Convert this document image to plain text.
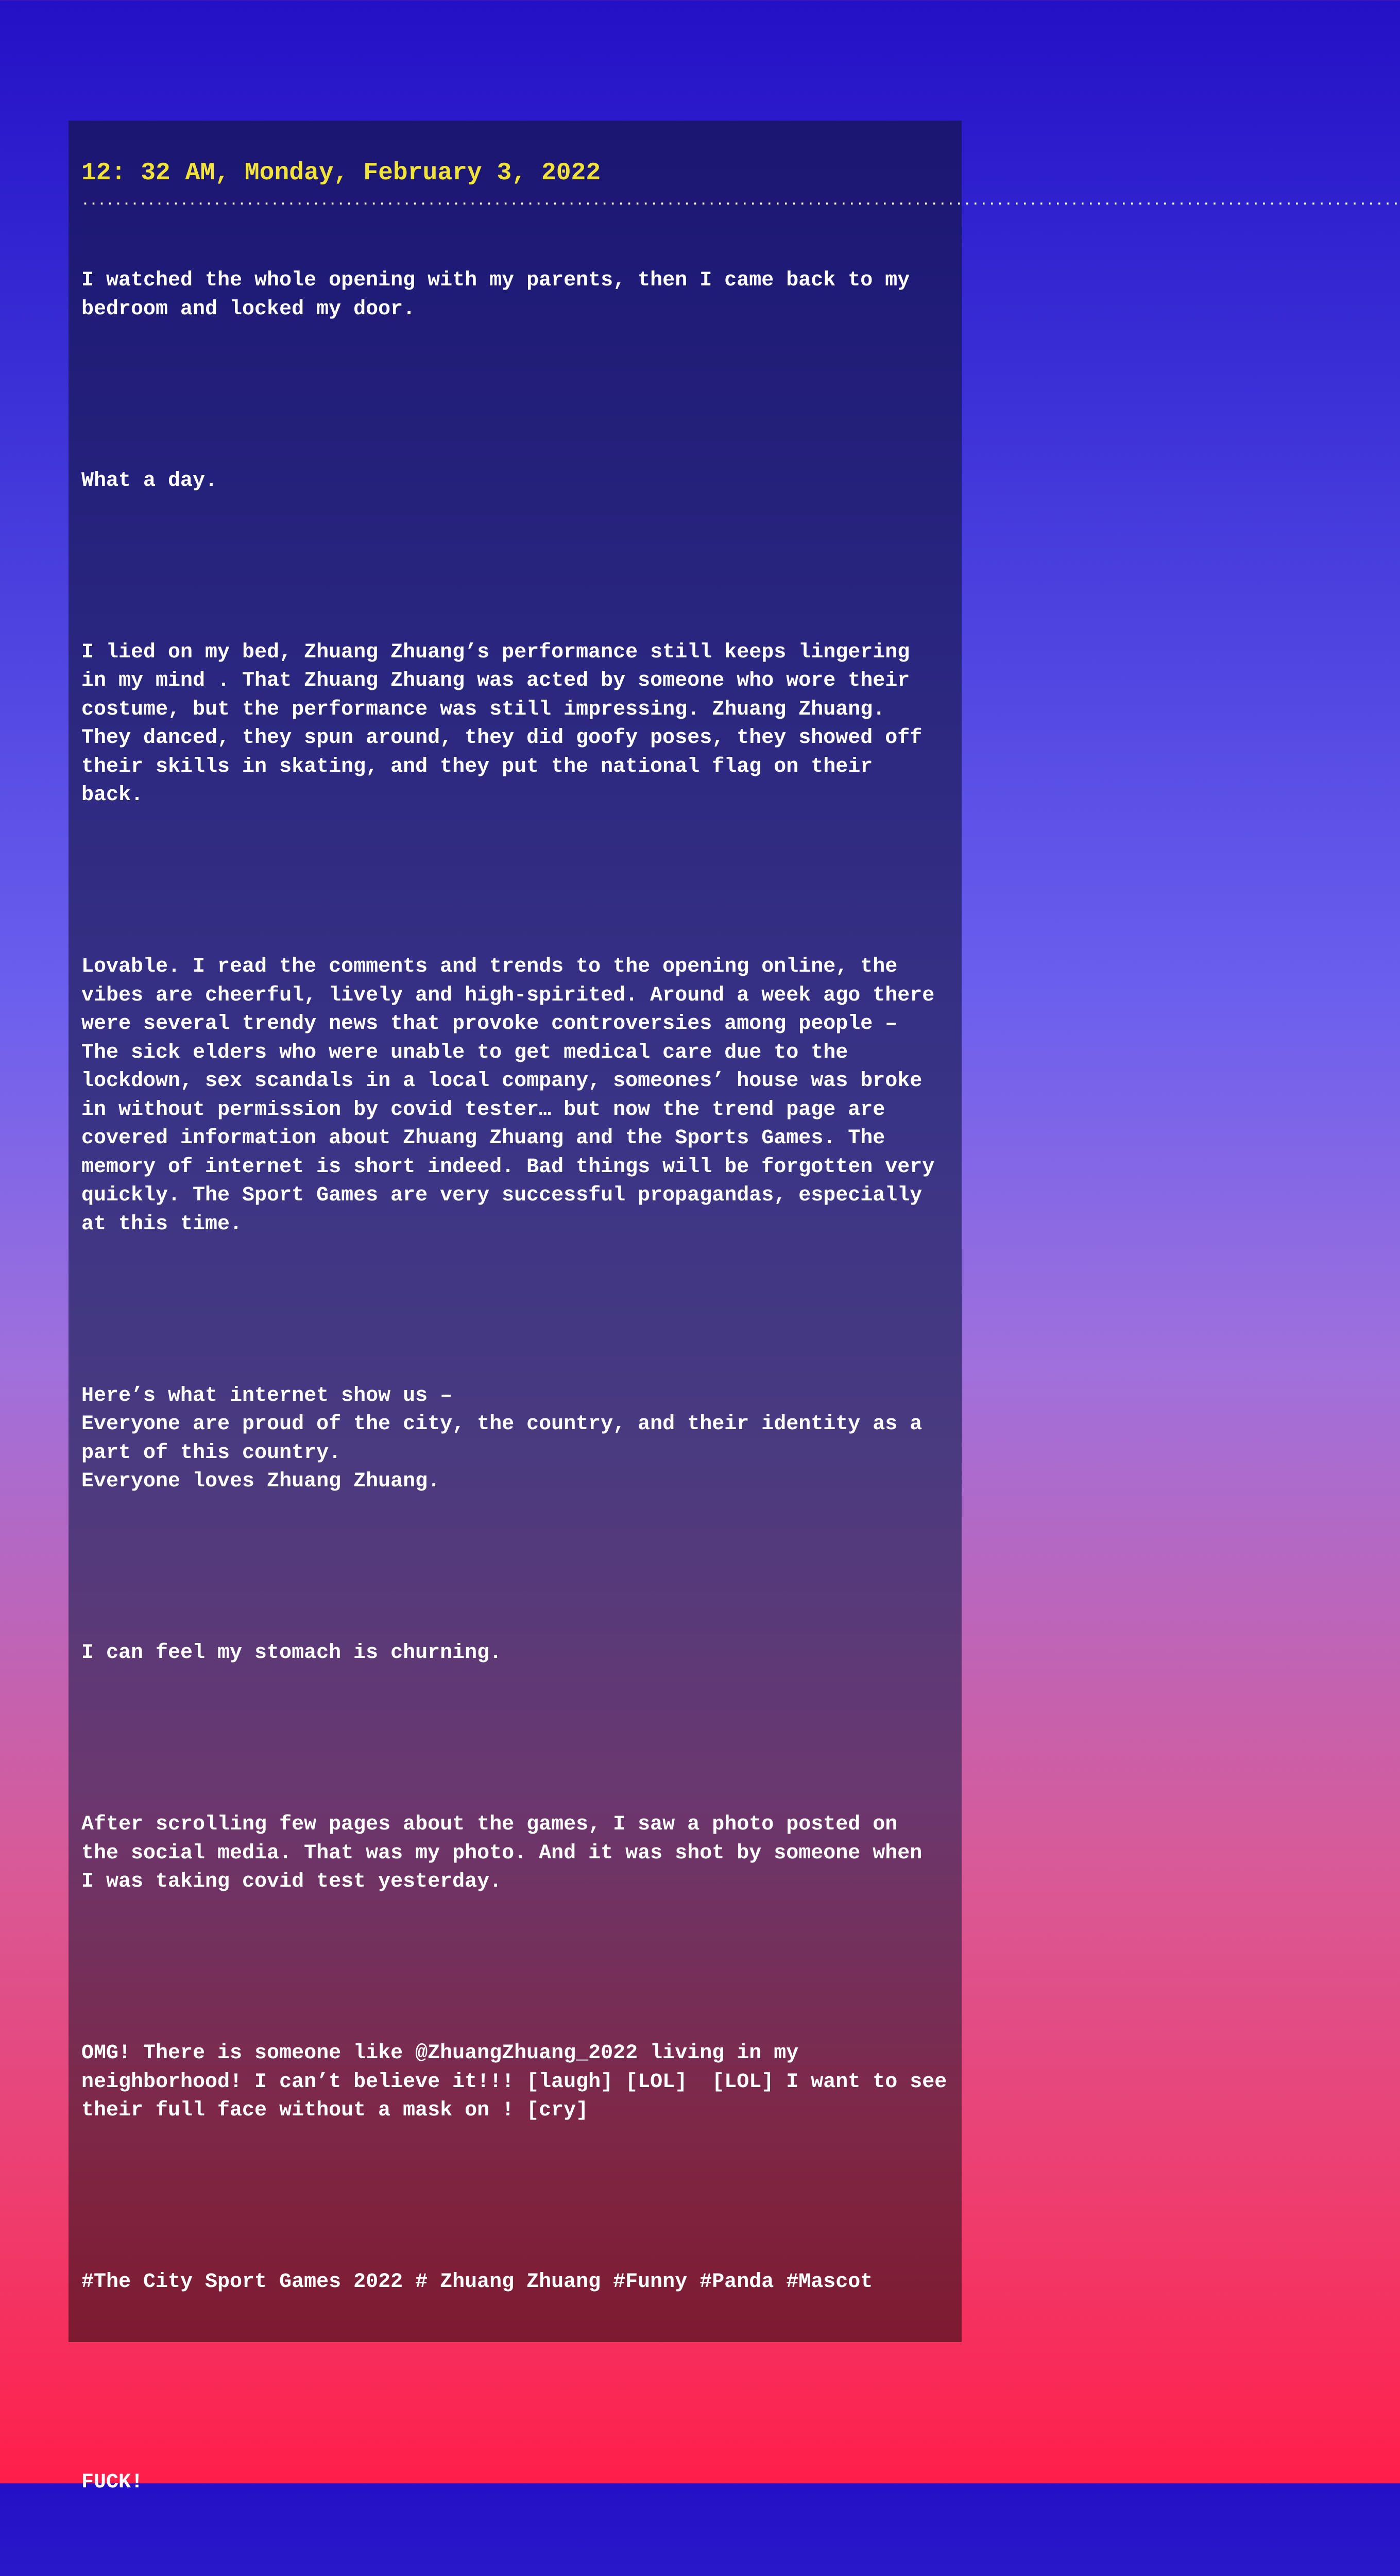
12: 32 AM, Monday, February 3, 2022
................................................................................................................................................................

I watched the whole opening with my parents, then I came back to my
bedroom and locked my door.

What a day.

I lied on my bed, Zhuang Zhuang’s performance still keeps lingering
in my mind . That Zhuang Zhuang was acted by someone who wore their
costume, but the performance was still impressing. Zhuang Zhuang.
They danced, they spun around, they did goofy poses, they showed off
their skills in skating, and they put the national flag on their
back.

Lovable. I read the comments and trends to the opening online, the
vibes are cheerful, lively and high-spirited. Around a week ago there
were several trendy news that provoke controversies among people –
The sick elders who were unable to get medical care due to the
lockdown, sex scandals in a local company, someones’ house was broke
in without permission by covid tester… but now the trend page are
covered information about Zhuang Zhuang and the Sports Games. The
memory of internet is short indeed. Bad things will be forgotten very
quickly. The Sport Games are very successful propagandas, especially
at this time.

Here’s what internet show us –
Everyone are proud of the city, the country, and their identity as a
part of this country.
Everyone loves Zhuang Zhuang.

I can feel my stomach is churning.

After scrolling few pages about the games, I saw a photo posted on
the social media. That was my photo. And it was shot by someone when
I was taking covid test yesterday.

OMG! There is someone like @ZhuangZhuang_2022 living in my
neighborhood! I can’t believe it!!! [laugh] [LOL]  [LOL] I want to see
their full face without a mask on ! [cry]

#The City Sport Games 2022 # Zhuang Zhuang #Funny #Panda #Mascot

FUCK!
